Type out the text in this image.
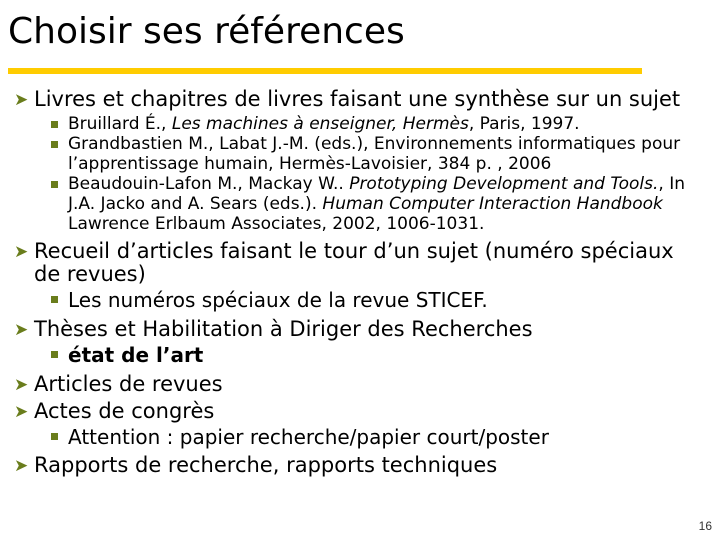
Choisir ses références
➤ Livres et chapitres de livres faisant une synthèse sur un sujet
Bruillard É., Les machines à enseigner, Hermès, Paris, 1997.
Grandbastien M., Labat J.-M. (eds.), Environnements informatiques pour l’apprentissage humain, Hermès-Lavoisier, 384 p. , 2006
Beaudouin-Lafon M., Mackay W.. Prototyping Development and Tools., In J.A. Jacko and A. Sears (eds.). Human Computer Interaction Handbook Lawrence Erlbaum Associates, 2002, 1006-1031.
➤ Recueil d’articles faisant le tour d’un sujet (numéro spéciaux de revues)
Les numéros spéciaux de la revue STICEF.
➤ Thèses et Habilitation à Diriger des Recherches
état de l’art
➤ Articles de revues
➤ Actes de congrès
Attention : papier recherche/papier court/poster
➤ Rapports de recherche, rapports techniques
16
